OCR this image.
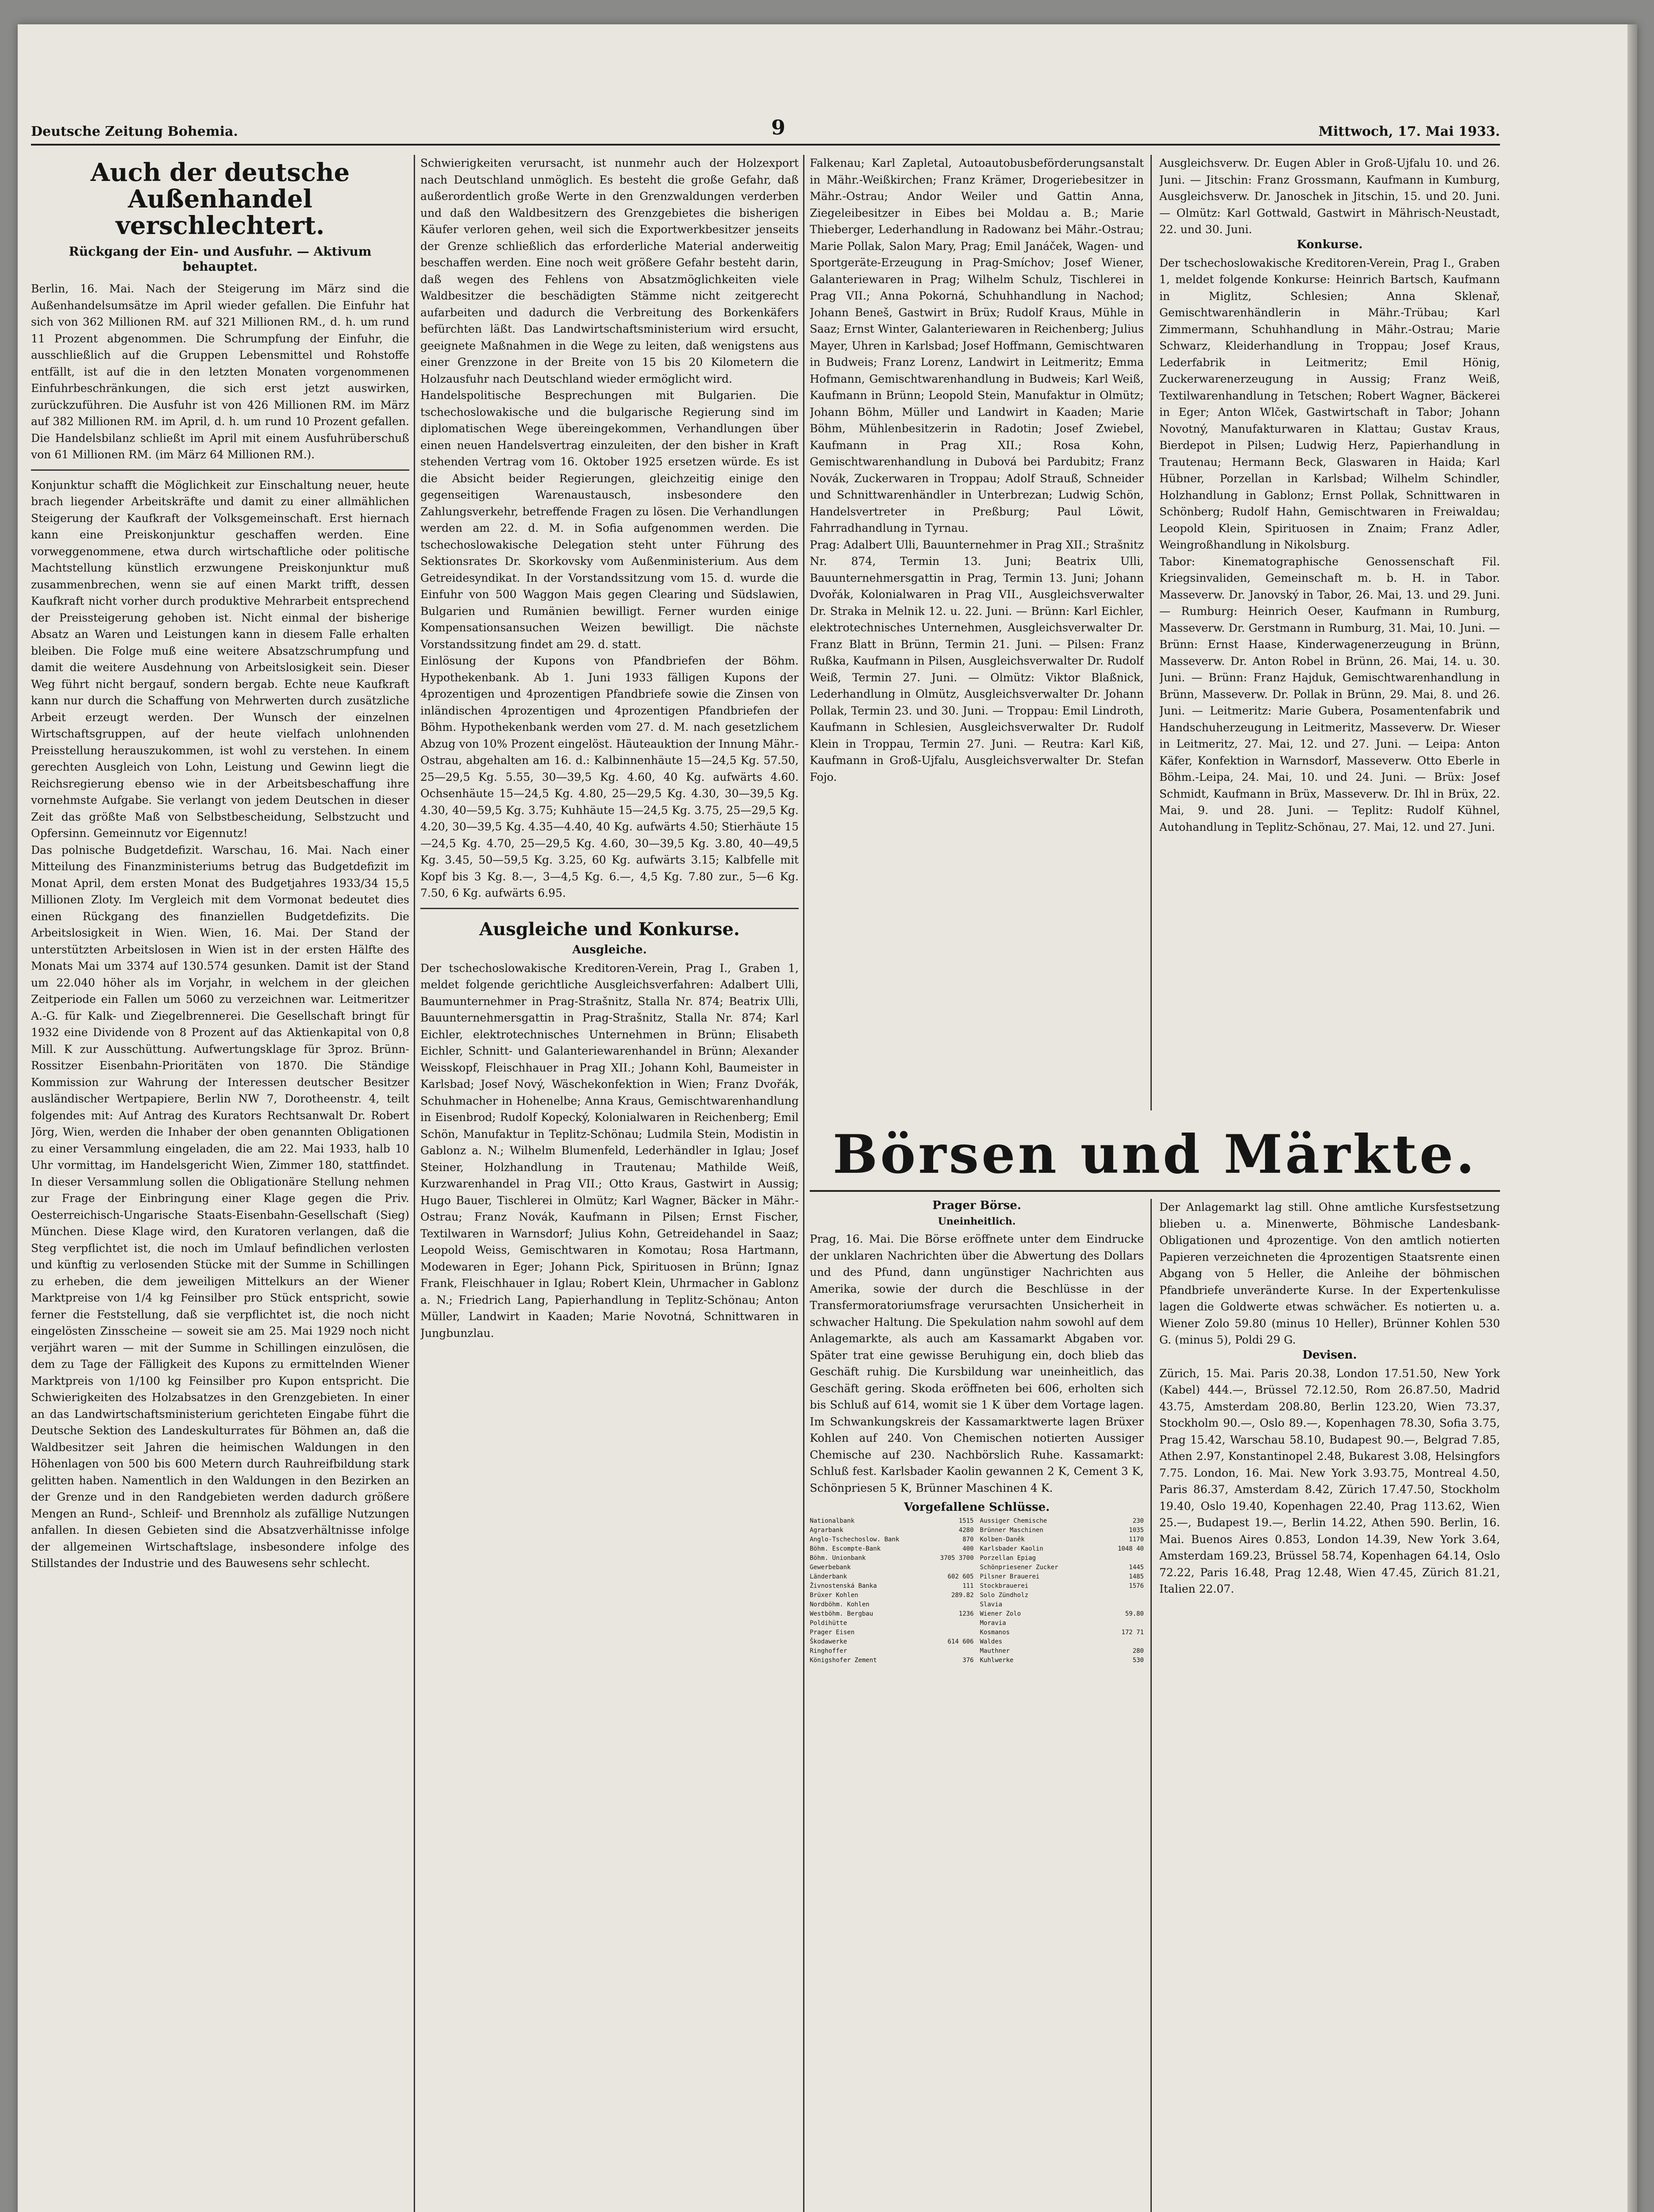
Deutsche Zeitung Bohemia.	9	Mittwoch, 17. Mai 1933.
Auch der deutsche Außenhandel verschlechtert.
Rückgang der Ein- und Ausfuhr. — Aktivum behauptet.

Berlin, 16. Mai. Nach der Steigerung im März sind die Außenhandelsumsätze im April wieder gefallen. Die Einfuhr hat sich von 362 Millionen RM. auf 321 Millionen RM., d. h. um rund 11 Prozent abgenommen. Die Schrumpfung der Einfuhr, die ausschließlich auf die Gruppen Lebensmittel und Rohstoffe entfällt, ist auf die in den letzten Monaten vorgenommenen Einfuhrbeschränkungen, die sich erst jetzt auswirken, zurückzuführen. Die Ausfuhr ist von 426 Millionen RM. im März auf 382 Millionen RM. im April, d. h. um rund 10 Prozent gefallen. Die Handelsbilanz schließt im April mit einem Ausfuhrüberschuß von 61 Millionen RM. (im März 64 Millionen RM.).

Konjunktur schafft die Möglichkeit zur Einschaltung neuer, heute brach liegender Arbeitskräfte und damit zu einer allmählichen Steigerung der Kaufkraft der Volksgemeinschaft. Erst hiernach kann eine Preiskonjunktur geschaffen werden. Eine vorweggenommene, etwa durch wirtschaftliche oder politische Machtstellung künstlich erzwungene Preiskonjunktur muß zusammenbrechen, wenn sie auf einen Markt trifft, dessen Kaufkraft nicht vorher durch produktive Mehrarbeit entsprechend der Preissteigerung gehoben ist. Nicht einmal der bisherige Absatz an Waren und Leistungen kann in diesem Falle erhalten bleiben. Die Folge muß eine weitere Absatzschrumpfung und damit die weitere Ausdehnung von Arbeitslosigkeit sein. Dieser Weg führt nicht bergauf, sondern bergab. Echte neue Kaufkraft kann nur durch die Schaffung von Mehrwerten durch zusätzliche Arbeit erzeugt werden. Der Wunsch der einzelnen Wirtschaftsgruppen, auf der heute vielfach unlohnenden Preisstellung herauszukommen, ist wohl zu verstehen. In einem gerechten Ausgleich von Lohn, Leistung und Gewinn liegt die Reichsregierung ebenso wie in der Arbeitsbeschaffung ihre vornehmste Aufgabe. Sie verlangt von jedem Deutschen in dieser Zeit das größte Maß von Selbstbescheidung, Selbstzucht und Opfersinn. Gemeinnutz vor Eigennutz!

Das polnische Budgetdefizit. Warschau, 16. Mai. Nach einer Mitteilung des Finanzministeriums betrug das Budgetdefizit im Monat April, dem ersten Monat des Budgetjahres 1933/34 15,5 Millionen Zloty. Im Vergleich mit dem Vormonat bedeutet dies einen Rückgang des finanziellen Budgetdefizits. Die Arbeitslosigkeit in Wien. Wien, 16. Mai. Der Stand der unterstützten Arbeitslosen in Wien ist in der ersten Hälfte des Monats Mai um 3374 auf 130.574 gesunken. Damit ist der Stand um 22.040 höher als im Vorjahr, in welchem in der gleichen Zeitperiode ein Fallen um 5060 zu verzeichnen war. Leitmeritzer A.-G. für Kalk- und Ziegelbrennerei. Die Gesellschaft bringt für 1932 eine Dividende von 8 Prozent auf das Aktienkapital von 0,8 Mill. K zur Ausschüttung. Aufwertungsklage für 3proz. Brünn-Rossitzer Eisenbahn-Prioritäten von 1870. Die Ständige Kommission zur Wahrung der Interessen deutscher Besitzer ausländischer Wertpapiere, Berlin NW 7, Dorotheenstr. 4, teilt folgendes mit: Auf Antrag des Kurators Rechtsanwalt Dr. Robert Jörg, Wien, werden die Inhaber der oben genannten Obligationen zu einer Versammlung eingeladen, die am 22. Mai 1933, halb 10 Uhr vormittag, im Handelsgericht Wien, Zimmer 180, stattfindet. In dieser Versammlung sollen die Obligationäre Stellung nehmen zur Frage der Einbringung einer Klage gegen die Priv. Oesterreichisch-Ungarische Staats-Eisenbahn-Gesellschaft (Sieg) München. Diese Klage wird, den Kuratoren verlangen, daß die Steg verpflichtet ist, die noch im Umlauf befindlichen verlosten und künftig zu verlosenden Stücke mit der Summe in Schillingen zu erheben, die dem jeweiligen Mittelkurs an der Wiener Marktpreise von 1/4 kg Feinsilber pro Stück entspricht, sowie ferner die Feststellung, daß sie verpflichtet ist, die noch nicht eingelösten Zinsscheine — soweit sie am 25. Mai 1929 noch nicht verjährt waren — mit der Summe in Schillingen einzulösen, die dem zu Tage der Fälligkeit des Kupons zu ermittelnden Wiener Marktpreis von 1/100 kg Feinsilber pro Kupon entspricht. Die Schwierigkeiten des Holzabsatzes in den Grenzgebieten. In einer an das Landwirtschaftsministerium gerichteten Eingabe führt die Deutsche Sektion des Landeskulturrates für Böhmen an, daß die Waldbesitzer seit Jahren die heimischen Waldungen in den Höhenlagen von 500 bis 600 Metern durch Rauhreifbildung stark gelitten haben. Namentlich in den Waldungen in den Bezirken an der Grenze und in den Randgebieten werden dadurch größere Mengen an Rund-, Schleif- und Brennholz als zufällige Nutzungen anfallen. In diesen Gebieten sind die Absatzverhältnisse infolge der allgemeinen Wirtschaftslage, insbesondere infolge des Stillstandes der Industrie und des Bauwesens sehr schlecht.

Schwierigkeiten verursacht, ist nunmehr auch der Holzexport nach Deutschland unmöglich. Es besteht die große Gefahr, daß außerordentlich große Werte in den Grenzwaldungen verderben und daß den Waldbesitzern des Grenzgebietes die bisherigen Käufer verloren gehen, weil sich die Exportwerkbesitzer jenseits der Grenze schließlich das erforderliche Material anderweitig beschaffen werden. Eine noch weit größere Gefahr besteht darin, daß wegen des Fehlens von Absatzmöglichkeiten viele Waldbesitzer die beschädigten Stämme nicht zeitgerecht aufarbeiten und dadurch die Verbreitung des Borkenkäfers befürchten läßt. Das Landwirtschaftsministerium wird ersucht, geeignete Maßnahmen in die Wege zu leiten, daß wenigstens aus einer Grenzzone in der Breite von 15 bis 20 Kilometern die Holzausfuhr nach Deutschland wieder ermöglicht wird.

Handelspolitische Besprechungen mit Bulgarien. Die tschechoslowakische und die bulgarische Regierung sind im diplomatischen Wege übereingekommen, Verhandlungen über einen neuen Handelsvertrag einzuleiten, der den bisher in Kraft stehenden Vertrag vom 16. Oktober 1925 ersetzen würde. Es ist die Absicht beider Regierungen, gleichzeitig einige den gegenseitigen Warenaustausch, insbesondere den Zahlungsverkehr, betreffende Fragen zu lösen. Die Verhandlungen werden am 22. d. M. in Sofia aufgenommen werden. Die tschechoslowakische Delegation steht unter Führung des Sektionsrates Dr. Skorkovsky vom Außenministerium. Aus dem Getreidesyndikat. In der Vorstandssitzung vom 15. d. wurde die Einfuhr von 500 Waggon Mais gegen Clearing und Südslawien, Bulgarien und Rumänien bewilligt. Ferner wurden einige Kompensationsansuchen Weizen bewilligt. Die nächste Vorstandssitzung findet am 29. d. statt.

Einlösung der Kupons von Pfandbriefen der Böhm. Hypothekenbank. Ab 1. Juni 1933 fälligen Kupons der 4prozentigen und 4prozentigen Pfandbriefe sowie die Zinsen von inländischen 4prozentigen und 4prozentigen Pfandbriefen der Böhm. Hypothekenbank werden vom 27. d. M. nach gesetzlichem Abzug von 10% Prozent eingelöst. Häuteauktion der Innung Mähr.-Ostrau, abgehalten am 16. d.: Kalbinnenhäute 15—24,5 Kg. 57.50, 25—29,5 Kg. 5.55, 30—39,5 Kg. 4.60, 40 Kg. aufwärts 4.60. Ochsenhäute 15—24,5 Kg. 4.80, 25—29,5 Kg. 4.30, 30—39,5 Kg. 4.30, 40—59,5 Kg. 3.75; Kuhhäute 15—24,5 Kg. 3.75, 25—29,5 Kg. 4.20, 30—39,5 Kg. 4.35—4.40, 40 Kg. aufwärts 4.50; Stierhäute 15—24,5 Kg. 4.70, 25—29,5 Kg. 4.60, 30—39,5 Kg. 3.80, 40—49,5 Kg. 3.45, 50—59,5 Kg. 3.25, 60 Kg. aufwärts 3.15; Kalbfelle mit Kopf bis 3 Kg. 8.—, 3—4,5 Kg. 6.—, 4,5 Kg. 7.80 zur., 5—6 Kg. 7.50, 6 Kg. aufwärts 6.95.

Ausgleiche und Konkurse.
Ausgleiche.

Der tschechoslowakische Kreditoren-Verein, Prag I., Graben 1, meldet folgende gerichtliche Ausgleichsverfahren: Adalbert Ulli, Baumunternehmer in Prag-Strašnitz, Stalla Nr. 874; Beatrix Ulli, Bauunternehmersgattin in Prag-Strašnitz, Stalla Nr. 874; Karl Eichler, elektrotechnisches Unternehmen in Brünn; Elisabeth Eichler, Schnitt- und Galanteriewarenhandel in Brünn; Alexander Weisskopf, Fleischhauer in Prag XII.; Johann Kohl, Baumeister in Karlsbad; Josef Nový, Wäschekonfektion in Wien; Franz Dvořák, Schuhmacher in Hohenelbe; Anna Kraus, Gemischtwarenhandlung in Eisenbrod; Rudolf Kopecký, Kolonialwaren in Reichenberg; Emil Schön, Manufaktur in Teplitz-Schönau; Ludmila Stein, Modistin in Gablonz a. N.; Wilhelm Blumenfeld, Lederhändler in Iglau; Josef Steiner, Holzhandlung in Trautenau; Mathilde Weiß, Kurzwarenhandel in Prag VII.; Otto Kraus, Gastwirt in Aussig; Hugo Bauer, Tischlerei in Olmütz; Karl Wagner, Bäcker in Mähr.-Ostrau; Franz Novák, Kaufmann in Pilsen; Ernst Fischer, Textilwaren in Warnsdorf; Julius Kohn, Getreidehandel in Saaz; Leopold Weiss, Gemischtwaren in Komotau; Rosa Hartmann, Modewaren in Eger; Johann Pick, Spirituosen in Brünn; Ignaz Frank, Fleischhauer in Iglau; Robert Klein, Uhrmacher in Gablonz a. N.; Friedrich Lang, Papierhandlung in Teplitz-Schönau; Anton Müller, Landwirt in Kaaden; Marie Novotná, Schnittwaren in Jungbunzlau.

Falkenau; Karl Zapletal, Autoautobusbeförderungsanstalt in Mähr.-Weißkirchen; Franz Krämer, Drogeriebesitzer in Mähr.-Ostrau; Andor Weiler und Gattin Anna, Ziegeleibesitzer in Eibes bei Moldau a. B.; Marie Thieberger, Lederhandlung in Radowanz bei Mähr.-Ostrau; Marie Pollak, Salon Mary, Prag; Emil Janáček, Wagen- und Sportgeräte-Erzeugung in Prag-Smíchov; Josef Wiener, Galanteriewaren in Prag; Wilhelm Schulz, Tischlerei in Prag VII.; Anna Pokorná, Schuhhandlung in Nachod; Johann Beneš, Gastwirt in Brüx; Rudolf Kraus, Mühle in Saaz; Ernst Winter, Galanteriewaren in Reichenberg; Julius Mayer, Uhren in Karlsbad; Josef Hoffmann, Gemischtwaren in Budweis; Franz Lorenz, Landwirt in Leitmeritz; Emma Hofmann, Gemischtwarenhandlung in Budweis; Karl Weiß, Kaufmann in Brünn; Leopold Stein, Manufaktur in Olmütz; Johann Böhm, Müller und Landwirt in Kaaden; Marie Böhm, Mühlenbesitzerin in Radotin; Josef Zwiebel, Kaufmann in Prag XII.; Rosa Kohn, Gemischtwarenhandlung in Dubová bei Pardubitz; Franz Novák, Zuckerwaren in Troppau; Adolf Strauß, Schneider und Schnittwarenhändler in Unterbrezan; Ludwig Schön, Handelsvertreter in Preßburg; Paul Löwit, Fahrradhandlung in Tyrnau.

Prag: Adalbert Ulli, Bauunternehmer in Prag XII.; Strašnitz Nr. 874, Termin 13. Juni; Beatrix Ulli, Bauunternehmersgattin in Prag, Termin 13. Juni; Johann Dvořák, Kolonialwaren in Prag VII., Ausgleichsverwalter Dr. Straka in Melnik 12. u. 22. Juni. — Brünn: Karl Eichler, elektrotechnisches Unternehmen, Ausgleichsverwalter Dr. Franz Blatt in Brünn, Termin 21. Juni. — Pilsen: Franz Rußka, Kaufmann in Pilsen, Ausgleichsverwalter Dr. Rudolf Weiß, Termin 27. Juni. — Olmütz: Viktor Blaßnick, Lederhandlung in Olmütz, Ausgleichsverwalter Dr. Johann Pollak, Termin 23. und 30. Juni. — Troppau: Emil Lindroth, Kaufmann in Schlesien, Ausgleichsverwalter Dr. Rudolf Klein in Troppau, Termin 27. Juni. — Reutra: Karl Kiß, Kaufmann in Groß-Ujfalu, Ausgleichsverwalter Dr. Stefan Fojo.

Ausgleichsverw. Dr. Eugen Abler in Groß-Ujfalu 10. und 26. Juni. — Jitschin: Franz Grossmann, Kaufmann in Kumburg, Ausgleichsverw. Dr. Janoschek in Jitschin, 15. und 20. Juni. — Olmütz: Karl Gottwald, Gastwirt in Mährisch-Neustadt, 22. und 30. Juni.

Konkurse.

Der tschechoslowakische Kreditoren-Verein, Prag I., Graben 1, meldet folgende Konkurse: Heinrich Bartsch, Kaufmann in Miglitz, Schlesien; Anna Sklenař, Gemischtwarenhändlerin in Mähr.-Trübau; Karl Zimmermann, Schuhhandlung in Mähr.-Ostrau; Marie Schwarz, Kleiderhandlung in Troppau; Josef Kraus, Lederfabrik in Leitmeritz; Emil Hönig, Zuckerwarenerzeugung in Aussig; Franz Weiß, Textilwarenhandlung in Tetschen; Robert Wagner, Bäckerei in Eger; Anton Wlček, Gastwirtschaft in Tabor; Johann Novotný, Manufakturwaren in Klattau; Gustav Kraus, Bierdepot in Pilsen; Ludwig Herz, Papierhandlung in Trautenau; Hermann Beck, Glaswaren in Haida; Karl Hübner, Porzellan in Karlsbad; Wilhelm Schindler, Holzhandlung in Gablonz; Ernst Pollak, Schnittwaren in Schönberg; Rudolf Hahn, Gemischtwaren in Freiwaldau; Leopold Klein, Spirituosen in Znaim; Franz Adler, Weingroßhandlung in Nikolsburg.

Tabor: Kinematographische Genossenschaft Fil. Kriegsinvaliden, Gemeinschaft m. b. H. in Tabor. Masseverw. Dr. Janovský in Tabor, 26. Mai, 13. und 29. Juni. — Rumburg: Heinrich Oeser, Kaufmann in Rumburg, Masseverw. Dr. Gerstmann in Rumburg, 31. Mai, 10. Juni. — Brünn: Ernst Haase, Kinderwagenerzeugung in Brünn, Masseverw. Dr. Anton Robel in Brünn, 26. Mai, 14. u. 30. Juni. — Brünn: Franz Hajduk, Gemischtwarenhandlung in Brünn, Masseverw. Dr. Pollak in Brünn, 29. Mai, 8. und 26. Juni. — Leitmeritz: Marie Gubera, Posamentenfabrik und Handschuherzeugung in Leitmeritz, Masseverw. Dr. Wieser in Leitmeritz, 27. Mai, 12. und 27. Juni. — Leipa: Anton Käfer, Konfektion in Warnsdorf, Masseverw. Otto Eberle in Böhm.-Leipa, 24. Mai, 10. und 24. Juni. — Brüx: Josef Schmidt, Kaufmann in Brüx, Masseverw. Dr. Ihl in Brüx, 22. Mai, 9. und 28. Juni. — Teplitz: Rudolf Kühnel, Autohandlung in Teplitz-Schönau, 27. Mai, 12. und 27. Juni.

Börsen und Märkte.
Prager Börse.
Uneinheitlich.

Prag, 16. Mai. Die Börse eröffnete unter dem Eindrucke der unklaren Nachrichten über die Abwertung des Dollars und des Pfund, dann ungünstiger Nachrichten aus Amerika, sowie der durch die Beschlüsse in der Transfermoratoriumsfrage verursachten Unsicherheit in schwacher Haltung. Die Spekulation nahm sowohl auf dem Anlagemarkte, als auch am Kassamarkt Abgaben vor. Später trat eine gewisse Beruhigung ein, doch blieb das Geschäft ruhig. Die Kursbildung war uneinheitlich, das Geschäft gering. Skoda eröffneten bei 606, erholten sich bis Schluß auf 614, womit sie 1 K über dem Vortage lagen. Im Schwankungskreis der Kassamarktwerte lagen Brüxer Kohlen auf 240. Von Chemischen notierten Aussiger Chemische auf 230. Nachbörslich Ruhe. Kassamarkt: Schluß fest. Karlsbader Kaolin gewannen 2 K, Cement 3 K, Schönpriesen 5 K, Brünner Maschinen 4 K.

Vorgefallene Schlüsse.
Nationalbank	1515
Agrarbank	4280
Anglo-Tschechoslow. Bank	870
Böhm. Escompte-Bank	400
Böhm. Unionbank	3705 3700
Gewerbebank
Länderbank	602 605
Živnostenská Banka	111
Brüxer Kohlen	289.82
Nordböhm. Kohlen
Westböhm. Bergbau	1236
Poldihütte
Prager Eisen
Škodawerke	614 606
Ringhoffer
Königshofer Zement	376
Aussiger Chemische	230
Brünner Maschinen	1035
Kolben-Daněk	1170
Karlsbader Kaolin	1048 40
Porzellan Epiag
Schönpriesener Zucker	1445
Pilsner Brauerei	1485
Stockbrauerei	1576
Solo Zündholz
Slavia
Wiener Zolo	59.80
Moravia
Kosmanos	172 71
Waldes
Mauthner	280
Kuhlwerke	530

Der Anlagemarkt lag still. Ohne amtliche Kursfestsetzung blieben u. a. Minenwerte, Böhmische Landesbank-Obligationen und 4prozentige. Von den amtlich notierten Papieren verzeichneten die 4prozentigen Staatsrente einen Abgang von 5 Heller, die Anleihe der böhmischen Pfandbriefe unveränderte Kurse. In der Expertenkulisse lagen die Goldwerte etwas schwächer. Es notierten u. a. Wiener Zolo 59.80 (minus 10 Heller), Brünner Kohlen 530 G. (minus 5), Poldi 29 G.

Devisen.

Zürich, 15. Mai. Paris 20.38, London 17.51.50, New York (Kabel) 444.—, Brüssel 72.12.50, Rom 26.87.50, Madrid 43.75, Amsterdam 208.80, Berlin 123.20, Wien 73.37, Stockholm 90.—, Oslo 89.—, Kopenhagen 78.30, Sofia 3.75, Prag 15.42, Warschau 58.10, Budapest 90.—, Belgrad 7.85, Athen 2.97, Konstantinopel 2.48, Bukarest 3.08, Helsingfors 7.75. London, 16. Mai. New York 3.93.75, Montreal 4.50, Paris 86.37, Amsterdam 8.42, Zürich 17.47.50, Stockholm 19.40, Oslo 19.40, Kopenhagen 22.40, Prag 113.62, Wien 25.—, Budapest 19.—, Berlin 14.22, Athen 590. Berlin, 16. Mai. Buenos Aires 0.853, London 14.39, New York 3.64, Amsterdam 169.23, Brüssel 58.74, Kopenhagen 64.14, Oslo 72.22, Paris 16.48, Prag 12.48, Wien 47.45, Zürich 81.21, Italien 22.07.
